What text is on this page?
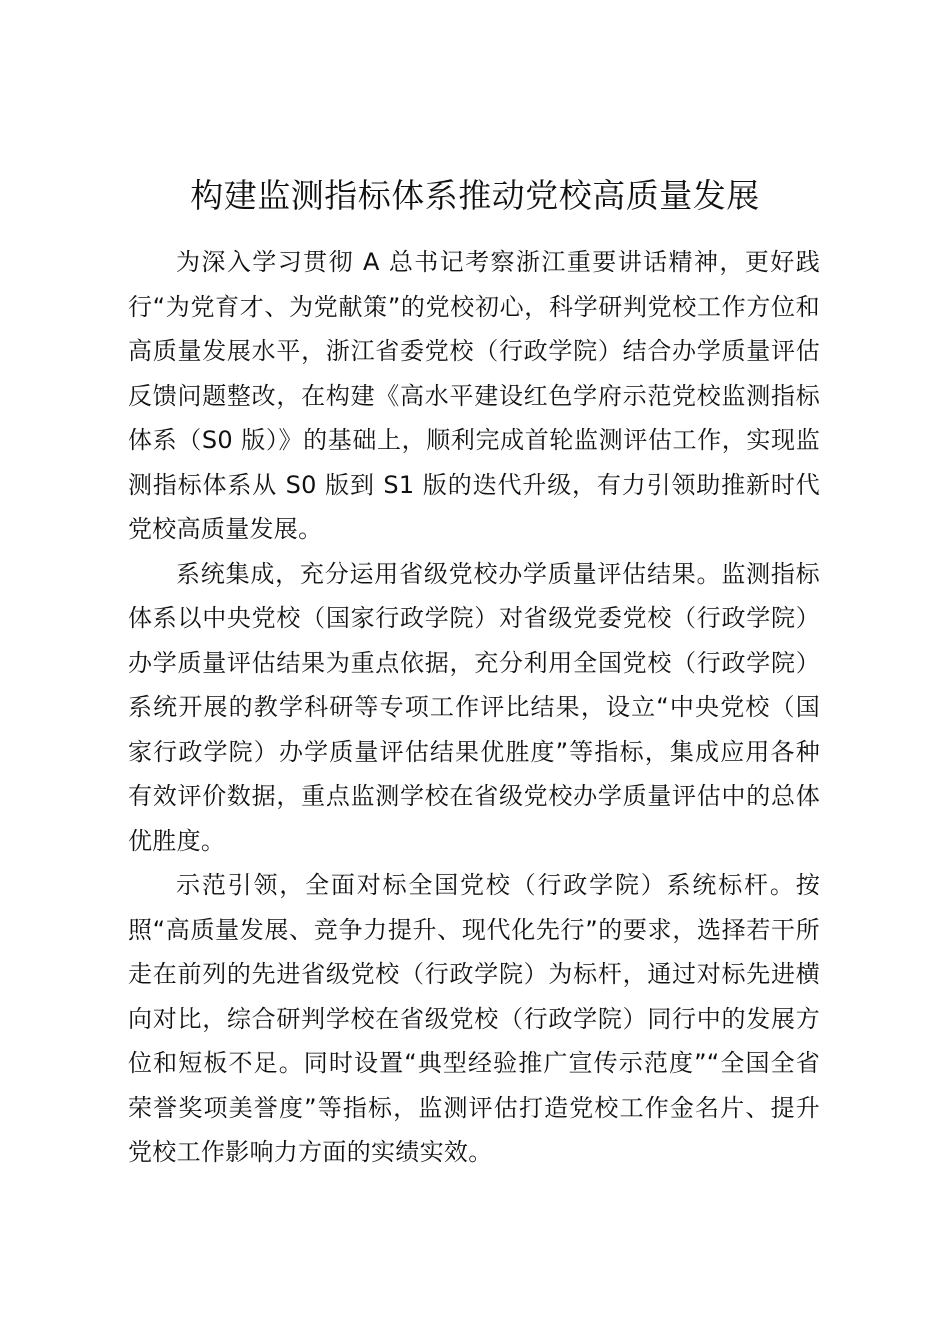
构建监测指标体系推动党校高质量发展

为深入学习贯彻 A 总书记考察浙江重要讲话精神，更好践行“为党育才、为党献策”的党校初心，科学研判党校工作方位和高质量发展水平，浙江省委党校（行政学院）结合办学质量评估反馈问题整改，在构建《高水平建设红色学府示范党校监测指标体系（S0 版）》的基础上，顺利完成首轮监测评估工作，实现监测指标体系从 S0 版到 S1 版的迭代升级，有力引领助推新时代党校高质量发展。

系统集成，充分运用省级党校办学质量评估结果。监测指标体系以中央党校（国家行政学院）对省级党委党校（行政学院）办学质量评估结果为重点依据，充分利用全国党校（行政学院）系统开展的教学科研等专项工作评比结果，设立“中央党校（国家行政学院）办学质量评估结果优胜度”等指标，集成应用各种有效评价数据，重点监测学校在省级党校办学质量评估中的总体优胜度。

示范引领，全面对标全国党校（行政学院）系统标杆。按照“高质量发展、竞争力提升、现代化先行”的要求，选择若干所走在前列的先进省级党校（行政学院）为标杆，通过对标先进横向对比，综合研判学校在省级党校（行政学院）同行中的发展方位和短板不足。同时设置“典型经验推广宣传示范度”“全国全省荣誉奖项美誉度”等指标，监测评估打造党校工作金名片、提升党校工作影响力方面的实绩实效。
